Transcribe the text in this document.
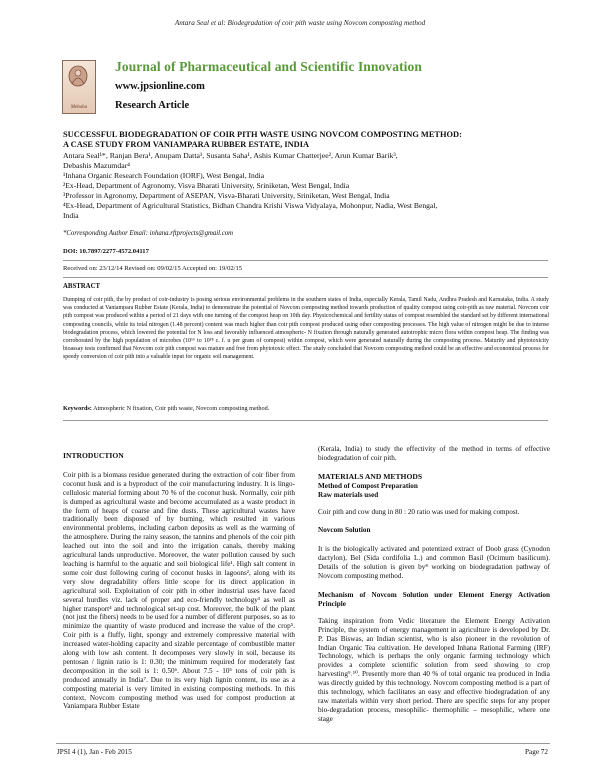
Antara Seal et al: Biodegradation of coir pith waste using Novcom composting method
Mehaha
Journal of Pharmaceutical and Scientific Innovation
www.jpsionline.com
Research Article
SUCCESSFUL BIODEGRADATION OF COIR PITH WASTE USING NOVCOM COMPOSTING METHOD:
A CASE STUDY FROM VANIAMPARA RUBBER ESTATE, INDIA
Antara Seal¹*, Ranjan Bera¹, Anupam Datta¹, Susanta Saha¹, Ashis Kumar Chatterjee², Arun Kumar Barik³,
Debashis Mazumdar⁴
¹Inhana Organic Research Foundation (IORF), West Bengal, India
²Ex-Head, Department of Agronomy, Visva Bharati University, Sriniketan, West Bengal, India
³Professor in Agronomy, Department of ASEPAN, Visva-Bharati University, Sriniketan, West Bengal, India
⁴Ex-Head, Department of Agricultural Statistics, Bidhan Chandra Krishi Viswa Vidyalaya, Mohonpur, Nadia, West Bengal,
India
*Corresponding Author Email: inhana.rftprojects@gmail.com
DOI: 10.7897/2277-4572.04117
Received on: 23/12/14 Revised on: 09/02/15 Accepted on: 19/02/15
ABSTRACT
Dumping of coir pith, the by product of coir-industry is posing serious environmental problems in the southern states of India, especially Kerala, Tamil Nadu, Andhra Pradesh and Karnataka, India. A study was conducted at Vaniampara Rubber Estate (Kerala, India) to demonstrate the potential of Novcom composting method towards production of quality compost using coir-pith as raw material. Novcom coir pith compost was produced within a period of 21 days with one turning of the compost heap on 10th day. Physicochemical and fertility status of compost resembled the standard set by different international composting councils, while its total nitrogen (1.48 percent) content was much higher than coir pith compost produced using other composting processes. The high value of nitrogen might be due to intense biodegradation process, which lowered the potential for N loss and favorably influenced atmospheric- N fixation through naturally generated autotrophic micro flora within compost heap. The finding was corroborated by the high population of microbes (10¹⁶ to 10¹⁸ c. f. u per gram of compost) within compost, which were generated naturally during the composting process. Maturity and phytotoxicity bioassay tests confirmed that Novcom coir pith compost was mature and free from phytotoxic effect. The study concluded that Novcom composting method could be an effective and economical process for speedy conversion of coir pith into a valuable input for organic soil management.
Keywords: Atmospheric N fixation, Coir pith waste, Novcom composting method.
INTRODUCTION

Coir pith is a biomass residue generated during the extraction of coir fiber from coconut husk and is a byproduct of the coir manufacturing industry. It is lingo-cellulosic material forming about 70 % of the coconut husk. Normally, coir pith is dumped as agricultural waste and become accumulated as a waste product in the form of heaps of coarse and fine dusts. These agricultural wastes have traditionally been disposed of by burning, which resulted in various environmental problems, including carbon deposits as well as the warming of the atmosphere. During the rainy season, the tannins and phenols of the coir pith leached out into the soil and into the irrigation canals, thereby making agricultural lands unproductive. Moreover, the water pollution caused by such leaching is harmful to the aquatic and soil biological life¹. High salt content in some coir dust following curing of coconut husks in lagoons², along with its very slow degradability offers little scope for its direct application in agricultural soil. Exploitation of coir pith in other industrial uses have faced several hurdles viz. lack of proper and eco-friendly technology³ as well as higher transport⁴ and technological set-up cost. Moreover, the bulk of the plant (not just the fibers) needs to be used for a number of different purposes, so as to minimize the quantity of waste produced and increase the value of the crop⁵. Coir pith is a fluffy, light, spongy and extremely compressive material with increased water-holding capacity and sizable percentage of combustible matter along with low ash content. It decomposes very slowly in soil, because its pentosan / lignin ratio is 1: 0.30; the minimum required for moderately fast decomposition in the soil is 1: 0.50⁶. About 7.5 - 10⁵ tons of coir pith is produced annually in India⁷. Due to its very high lignin content, its use as a composting material is very limited in existing composting methods. In this context, Novcom composting method was used for compost production at Vaniampara Rubber Estate

(Kerala, India) to study the effectivity of the method in terms of effective biodegradation of coir pith.

MATERIALS AND METHODS
Method of Compost Preparation
Raw materials used

Coir pith and cow dung in 80 : 20 ratio was used for making compost.

Novcom Solution

It is the biologically activated and potentized extract of Doob grass (Cynodon dactylon), Bel (Sida cordifolia L.) and common Basil (Ocimum basilicum). Details of the solution is given by⁸ working on biodegradation pathway of Novcom composting method.

Mechanism of Novcom Solution under Element Energy Activation Principle

Taking inspiration from Vedic literature the Element Energy Activation Principle, the system of energy management in agriculture is developed by Dr. P. Das Biswas, an Indian scientist, who is also pioneer in the revolution of Indian Organic Tea cultivation. He developed Inhana Rational Farming (IRF) Technology, which is perhaps the only organic farming technology which provides a complete scientific solution from seed showing to crop harvesting⁹˒¹⁰. Presently more than 40 % of total organic tea produced in India was directly guided by this technology. Novcom composting method is a part of this technology, which facilitates an easy and effective biodegradation of any raw materials within very short period. There are specific steps for any proper bio-degradation process, mesophilic- thermophilic – mesophilic, where one stage

JPSI 4 (1), Jan - Feb 2015	Page 72
